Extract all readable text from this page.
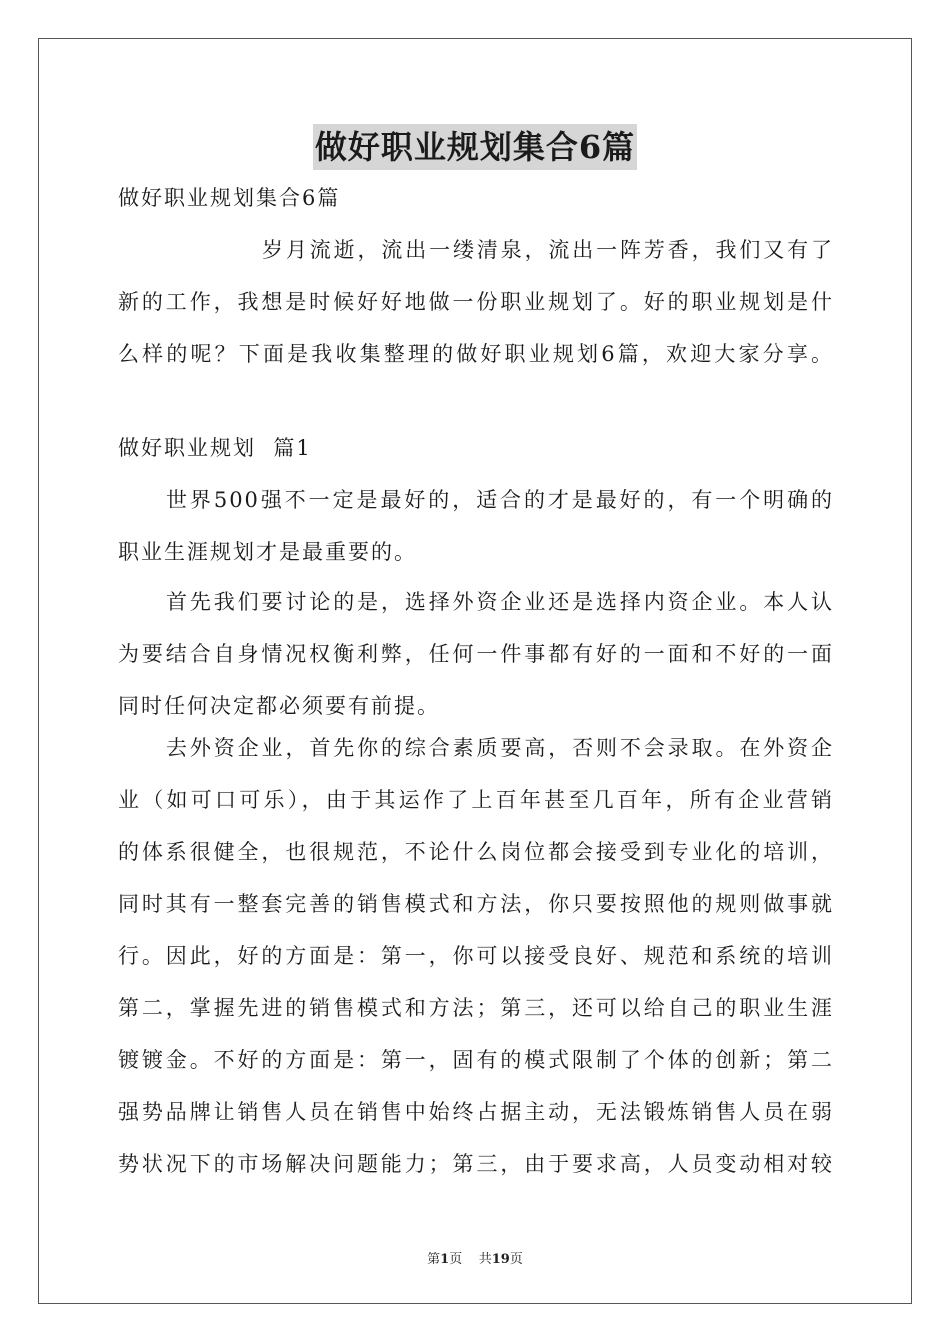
做好职业规划集合6篇
做好职业规划集合6篇
岁月流逝，流出一缕清泉，流出一阵芳香，我们又有了
新的工作，我想是时候好好地做一份职业规划了。好的职业规划是什
么样的呢？下面是我收集整理的做好职业规划6篇，欢迎大家分享。
做好职业规划  篇1
世界500强不一定是最好的，适合的才是最好的，有一个明确的
职业生涯规划才是最重要的。
首先我们要讨论的是，选择外资企业还是选择内资企业。本人认
为要结合自身情况权衡利弊，任何一件事都有好的一面和不好的一面
同时任何决定都必须要有前提。
去外资企业，首先你的综合素质要高，否则不会录取。在外资企
业（如可口可乐），由于其运作了上百年甚至几百年，所有企业营销
的体系很健全，也很规范，不论什么岗位都会接受到专业化的培训，
同时其有一整套完善的销售模式和方法，你只要按照他的规则做事就
行。因此，好的方面是：第一，你可以接受良好、规范和系统的培训
第二，掌握先进的销售模式和方法；第三，还可以给自己的职业生涯
镀镀金。不好的方面是：第一，固有的模式限制了个体的创新；第二
强势品牌让销售人员在销售中始终占据主动，无法锻炼销售人员在弱
势状况下的市场解决问题能力；第三，由于要求高，人员变动相对较
第1页 共19页
